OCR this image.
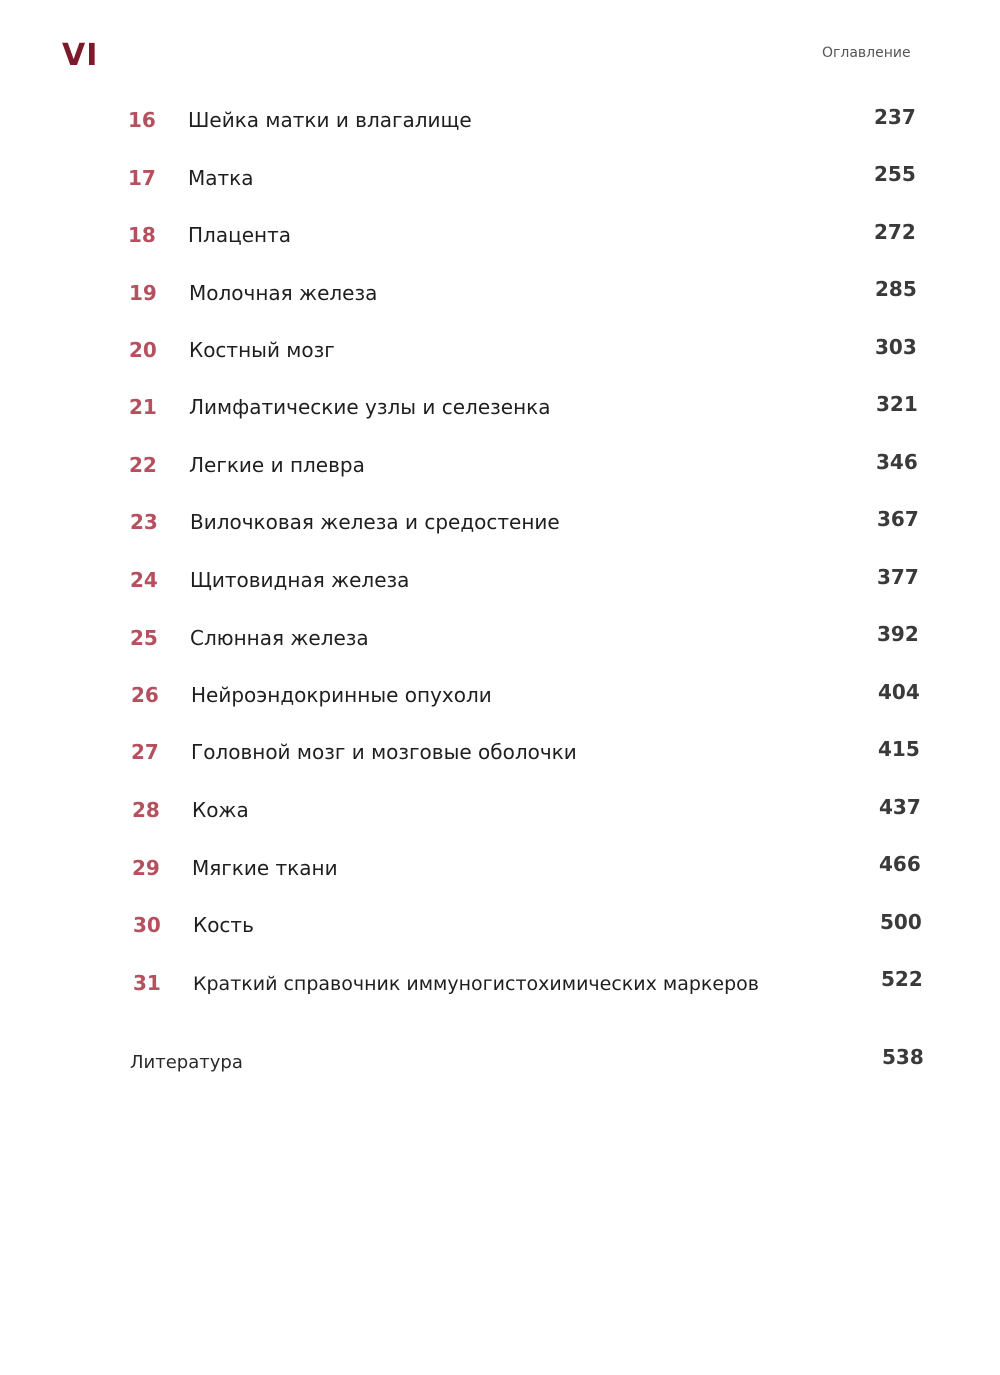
VI	Оглавление
16	Шейка матки и влагалище	237
17	Матка	255
18	Плацента	272
19	Молочная железа	285
20	Костный мозг	303
21	Лимфатические узлы и селезенка	321
22	Легкие и плевра	346
23	Вилочковая железа и средостение	367
24	Щитовидная железа	377
25	Слюнная железа	392
26	Нейроэндокринные опухоли	404
27	Головной мозг и мозговые оболочки	415
28	Кожа	437
29	Мягкие ткани	466
30	Кость	500
31	Краткий справочник иммуногистохимических маркеров	522
Литература	538
